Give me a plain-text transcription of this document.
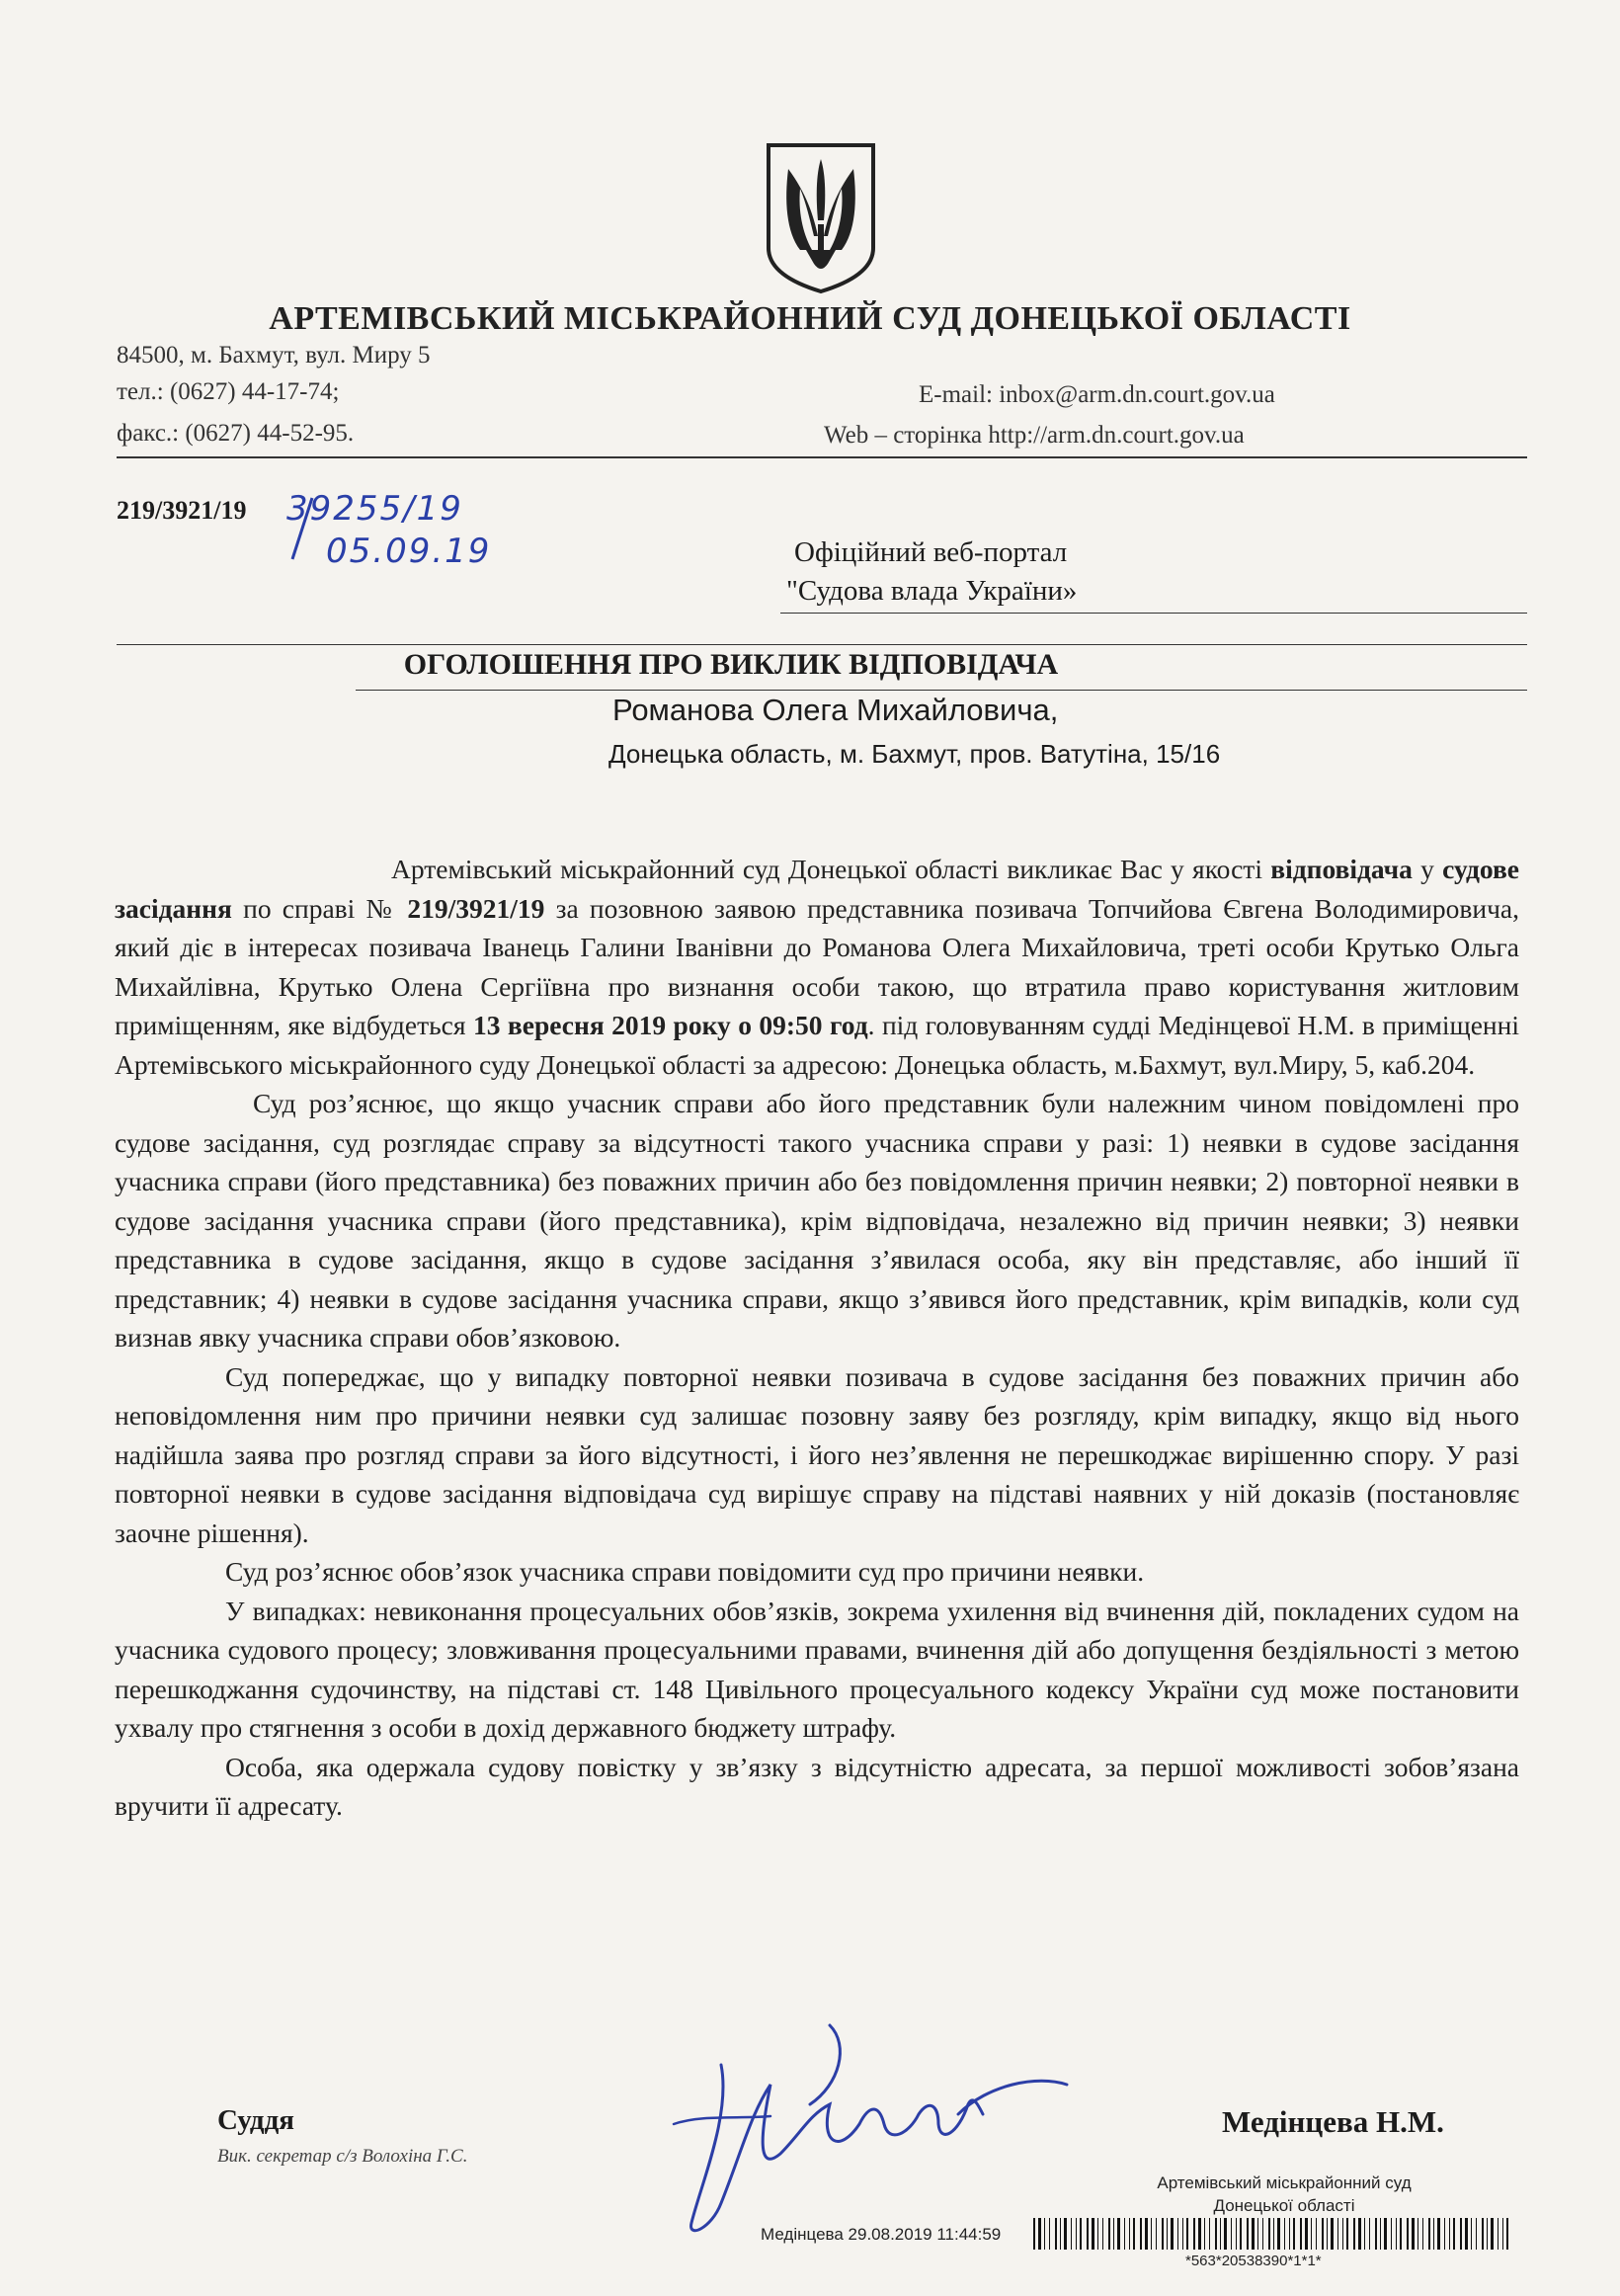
АРТЕМІВСЬКИЙ МІСЬКРАЙОННИЙ СУД ДОНЕЦЬКОЇ ОБЛАСТІ
84500, м. Бахмут, вул. Миру 5
тел.: (0627) 44-17-74;
факс.: (0627) 44-52-95.
E-mail: inbox@arm.dn.court.gov.ua
Web – сторінка http://arm.dn.court.gov.ua
219/3921/19 39255/19
05.09.19	Офіційний веб-портал
"Судова влада України»
ОГОЛОШЕННЯ ПРО ВИКЛИК ВІДПОВІДАЧА
Романова Олега Михайловича,
Донецька область, м. Бахмут, пров. Ватутіна, 15/16

Артемівський міськрайонний суд Донецької області викликає Вас у якості відповідача у судове засідання по справі № 219/3921/19 за позовною заявою представника позивача Топчийова Євгена Володимировича, який діє в інтересах позивача Іванець Галини Іванівни до Романова Олега Михайловича, треті особи Крутько Ольга Михайлівна, Крутько Олена Сергіївна про визнання особи такою, що втратила право користування житловим приміщенням, яке відбудеться 13 вересня 2019 року о 09:50 год. під головуванням судді Медінцевої Н.М. в приміщенні Артемівського міськрайонного суду Донецької області за адресою: Донецька область, м.Бахмут, вул.Миру, 5, каб.204.

Суд роз’яснює, що якщо учасник справи або його представник були належним чином повідомлені про судове засідання, суд розглядає справу за відсутності такого учасника справи у разі: 1) неявки в судове засідання учасника справи (його представника) без поважних причин або без повідомлення причин неявки; 2) повторної неявки в судове засідання учасника справи (його представника), крім відповідача, незалежно від причин неявки; 3) неявки представника в судове засідання, якщо в судове засідання з’явилася особа, яку він представляє, або інший її представник; 4) неявки в судове засідання учасника справи, якщо з’явився його представник, крім випадків, коли суд визнав явку учасника справи обов’язковою.

Суд попереджає, що у випадку повторної неявки позивача в судове засідання без поважних причин або неповідомлення ним про причини неявки суд залишає позовну заяву без розгляду, крім випадку, якщо від нього надійшла заява про розгляд справи за його відсутності, і його нез’явлення не перешкоджає вирішенню спору. У разі повторної неявки в судове засідання відповідача суд вирішує справу на підставі наявних у ній доказів (постановляє заочне рішення).

Суд роз’яснює обов’язок учасника справи повідомити суд про причини неявки.

У випадках: невиконання процесуальних обов’язків, зокрема ухилення від вчинення дій, покладених судом на учасника судового процесу; зловживання процесуальними правами, вчинення дій або допущення бездіяльності з метою перешкоджання судочинству, на підставі ст. 148 Цивільного процесуального кодексу України суд може постановити ухвалу про стягнення з особи в дохід державного бюджету штрафу.

Особа, яка одержала судову повістку у зв’язку з відсутністю адресата, за першої можливості зобов’язана вручити її адресату.

Суддя
Вик. секретар с/з Волохіна Г.С.
Медінцева Н.М.
Артемівський міськрайонний суд
Донецької області
Медінцева 29.08.2019 11:44:59
*563*20538390*1*1*
